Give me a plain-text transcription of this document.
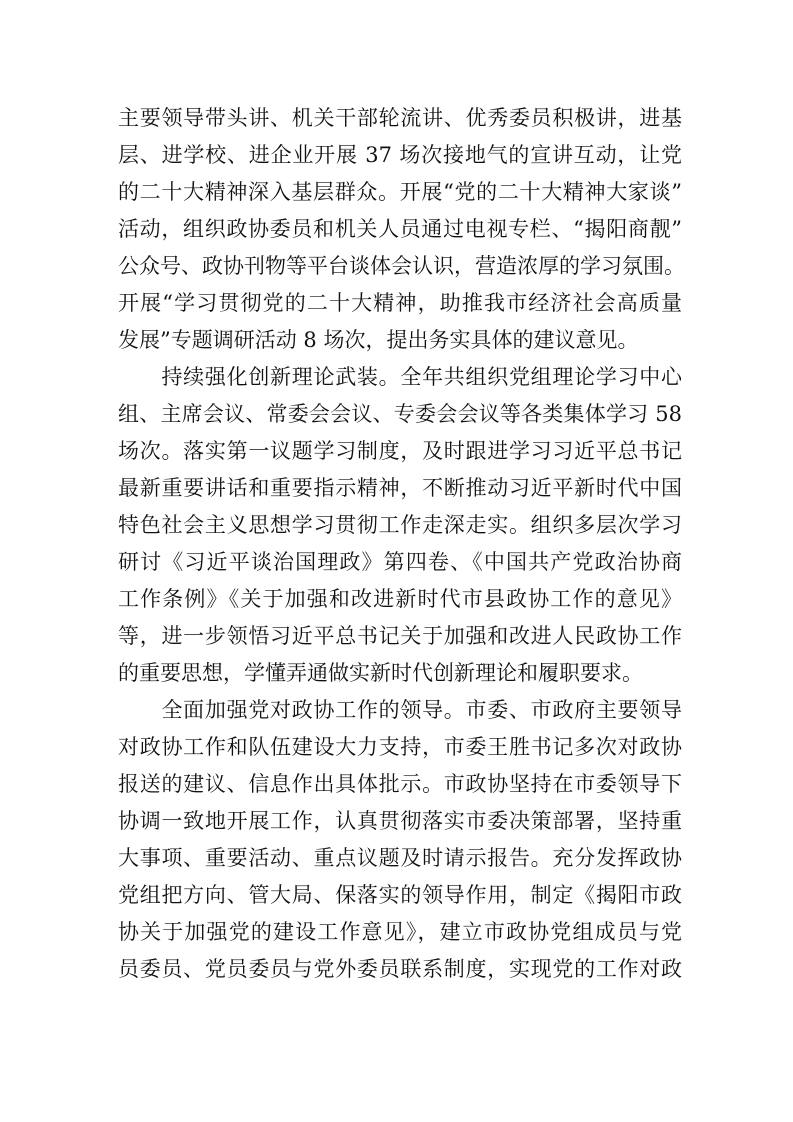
主要领导带头讲、机关干部轮流讲、优秀委员积极讲，进基
层、进学校、进企业开展 37 场次接地气的宣讲互动，让党
的二十大精神深入基层群众。开展“党的二十大精神大家谈”
活动，组织政协委员和机关人员通过电视专栏、“揭阳商靓”
公众号、政协刊物等平台谈体会认识，营造浓厚的学习氛围。
开展“学习贯彻党的二十大精神，助推我市经济社会高质量
发展”专题调研活动 8 场次，提出务实具体的建议意见。
　　持续强化创新理论武装。全年共组织党组理论学习中心
组、主席会议、常委会会议、专委会会议等各类集体学习 58
场次。落实第一议题学习制度，及时跟进学习习近平总书记
最新重要讲话和重要指示精神，不断推动习近平新时代中国
特色社会主义思想学习贯彻工作走深走实。组织多层次学习
研讨《习近平谈治国理政》第四卷、《中国共产党政治协商
工作条例》《关于加强和改进新时代市县政协工作的意见》
等，进一步领悟习近平总书记关于加强和改进人民政协工作
的重要思想，学懂弄通做实新时代创新理论和履职要求。
　　全面加强党对政协工作的领导。市委、市政府主要领导
对政协工作和队伍建设大力支持，市委王胜书记多次对政协
报送的建议、信息作出具体批示。市政协坚持在市委领导下
协调一致地开展工作，认真贯彻落实市委决策部署，坚持重
大事项、重要活动、重点议题及时请示报告。充分发挥政协
党组把方向、管大局、保落实的领导作用，制定《揭阳市政
协关于加强党的建设工作意见》，建立市政协党组成员与党
员委员、党员委员与党外委员联系制度，实现党的工作对政
